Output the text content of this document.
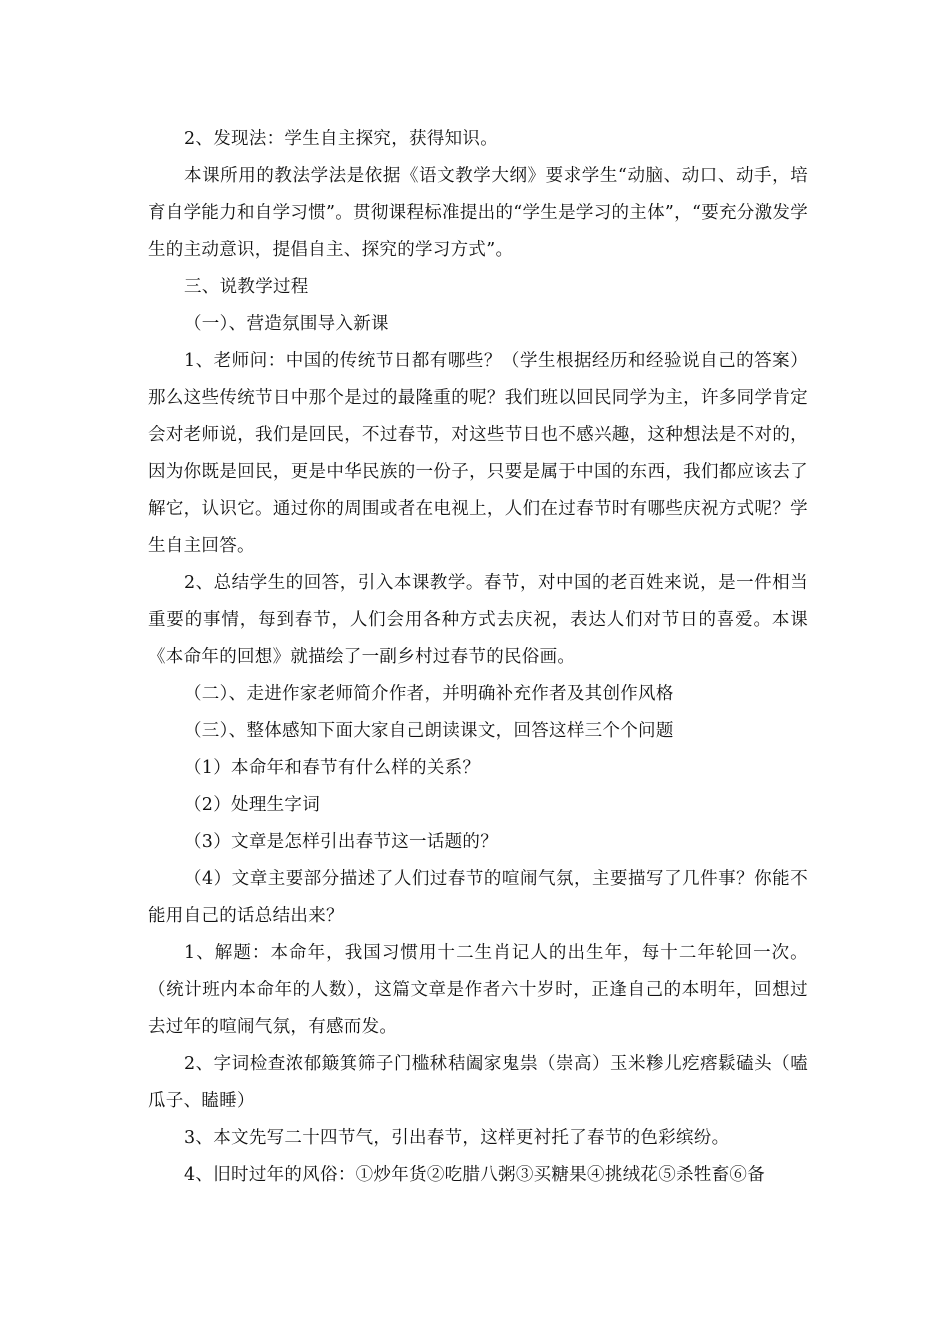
2、发现法：学生自主探究，获得知识。

本课所用的教法学法是依据《语文教学大纲》要求学生“动脑、动口、动手，培育自学能力和自学习惯”。贯彻课程标准提出的“学生是学习的主体”，“要充分激发学生的主动意识，提倡自主、探究的学习方式”。

三、说教学过程

（一）、营造氛围导入新课

1、老师问：中国的传统节日都有哪些？（学生根据经历和经验说自己的答案）那么这些传统节日中那个是过的最隆重的呢？我们班以回民同学为主，许多同学肯定会对老师说，我们是回民，不过春节，对这些节日也不感兴趣，这种想法是不对的，因为你既是回民，更是中华民族的一份子，只要是属于中国的东西，我们都应该去了解它，认识它。通过你的周围或者在电视上，人们在过春节时有哪些庆祝方式呢？学生自主回答。

2、总结学生的回答，引入本课教学。春节，对中国的老百姓来说，是一件相当重要的事情，每到春节，人们会用各种方式去庆祝，表达人们对节日的喜爱。本课《本命年的回想》就描绘了一副乡村过春节的民俗画。

（二）、走进作家老师简介作者，并明确补充作者及其创作风格

（三）、整体感知下面大家自己朗读课文，回答这样三个个问题

（1）本命年和春节有什么样的关系？

（2）处理生字词

（3）文章是怎样引出春节这一话题的？

（4）文章主要部分描述了人们过春节的喧闹气氛，主要描写了几件事？你能不能用自己的话总结出来？

1、解题：本命年，我国习惯用十二生肖记人的出生年，每十二年轮回一次。（统计班内本命年的人数），这篇文章是作者六十岁时，正逢自己的本明年，回想过去过年的喧闹气氛，有感而发。

2、字词检查浓郁簸箕筛子门槛秫秸阖家鬼祟（崇高）玉米糁儿疙瘩鬏磕头（嗑瓜子、瞌睡）

3、本文先写二十四节气，引出春节，这样更衬托了春节的色彩缤纷。

4、旧时过年的风俗：①炒年货②吃腊八粥③买糖果④挑绒花⑤杀牲畜⑥备
